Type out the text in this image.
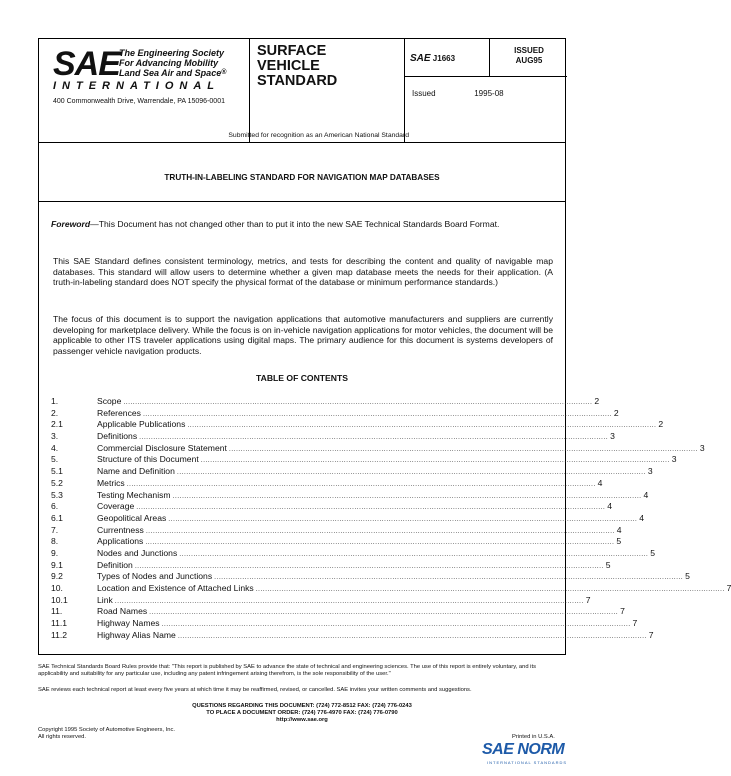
SAE The Engineering Society
For Advancing Mobility
Land Sea Air and Space®
INTERNATIONAL
400 Commonwealth Drive, Warrendale, PA 15096-0001
SURFACE
VEHICLE
STANDARD
SAE J1663
ISSUED
AUG95
Issued	1995-08
Submitted for recognition as an American National Standard
TRUTH-IN-LABELING STANDARD FOR NAVIGATION MAP DATABASES
Foreword—This Document has not changed other than to put it into the new SAE Technical Standards Board Format.
This SAE Standard defines consistent terminology, metrics, and tests for describing the content and quality of navigable map databases. This standard will allow users to determine whether a given map database meets the needs for their application. (A truth-in-labeling standard does NOT specify the physical format of the database or minimum performance standards.)
The focus of this document is to support the navigation applications that automotive manufacturers and suppliers are currently developing for marketplace delivery. While the focus is on in-vehicle navigation applications for motor vehicles, the document will be applicable to other ITS traveler applications using digital maps. The primary audience for this document is systems developers of passenger vehicle navigation products.
TABLE OF CONTENTS
1.	Scope ........................................................................................................................................................................................................ 2
2.	References ........................................................................................................................................................................................................ 2
2.1	Applicable Publications ........................................................................................................................................................................................................ 2
3.	Definitions ........................................................................................................................................................................................................ 3
4.	Commercial Disclosure Statement ........................................................................................................................................................................................................ 3
5.	Structure of this Document ........................................................................................................................................................................................................ 3
5.1	Name and Definition ........................................................................................................................................................................................................ 3
5.2	Metrics ........................................................................................................................................................................................................ 4
5.3	Testing Mechanism ........................................................................................................................................................................................................ 4
6.	Coverage ........................................................................................................................................................................................................ 4
6.1	Geopolitical Areas ........................................................................................................................................................................................................ 4
7.	Currentness ........................................................................................................................................................................................................ 4
8.	Applications ........................................................................................................................................................................................................ 5
9.	Nodes and Junctions ........................................................................................................................................................................................................ 5
9.1	Definition ........................................................................................................................................................................................................ 5
9.2	Types of Nodes and Junctions ........................................................................................................................................................................................................ 5
10.	Location and Existence of Attached Links ........................................................................................................................................................................................................ 7
10.1	Link ........................................................................................................................................................................................................ 7
11.	Road Names ........................................................................................................................................................................................................ 7
11.1	Highway Names ........................................................................................................................................................................................................ 7
11.2	Highway Alias Name ........................................................................................................................................................................................................ 7
SAE Technical Standards Board Rules provide that: "This report is published by SAE to advance the state of technical and engineering sciences. The use of this report is entirely voluntary, and its applicability and suitability for any particular use, including any patent infringement arising therefrom, is the sole responsibility of the user."
SAE reviews each technical report at least every five years at which time it may be reaffirmed, revised, or cancelled. SAE invites your written comments and suggestions.
QUESTIONS REGARDING THIS DOCUMENT: (724) 772-8512 FAX: (724) 776-0243
TO PLACE A DOCUMENT ORDER: (724) 776-4970 FAX: (724) 776-0790
http://www.sae.org
Copyright 1995 Society of Automotive Engineers, Inc.
All rights reserved.	Printed in U.S.A.
SAE NORM
INTERNATIONAL STANDARDS
